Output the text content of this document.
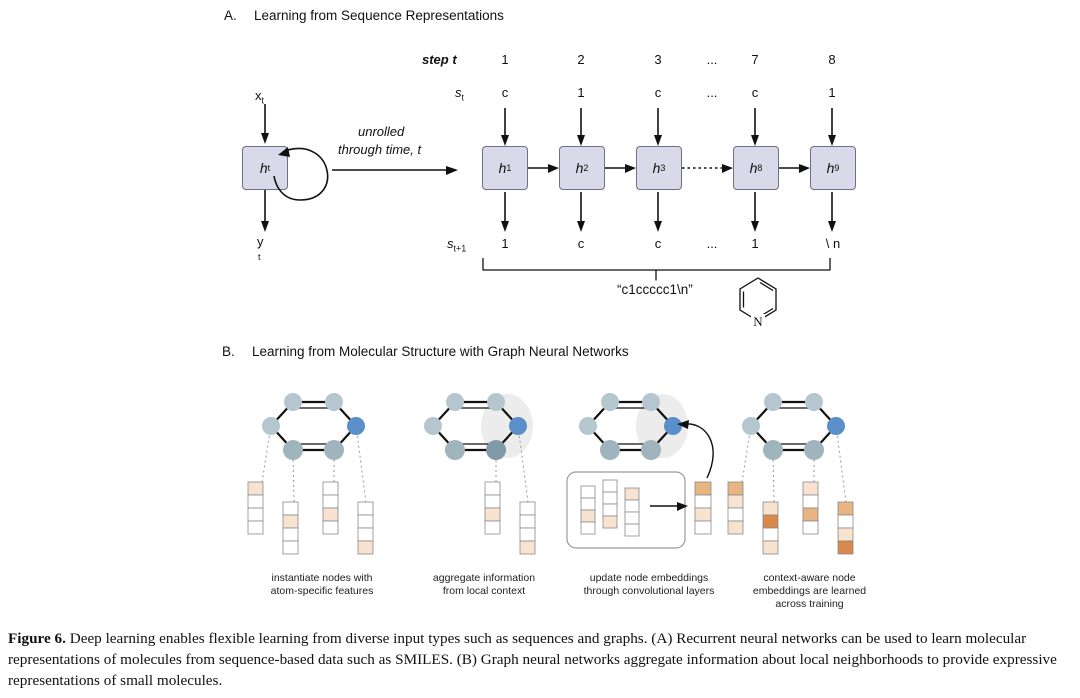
A. Learning from Sequence Representations
$x_t$
h t
y
t
unrolled
through time, t
step t
$s_t$
$s_{t+1}$
1	2	3	...	7	8
c	1	c	...	c	1
h 1	h 2	h 3	h 8	h 9
1	c	c	...	1	\ n
“c1ccccc1\n”
N
B. Learning from Molecular Structure with Graph Neural Networks
instantiate nodes with
atom-specific features
aggregate information
from local context
update node embeddings
through convolutional layers
context-aware node
embeddings are learned
across training
Figure 6. Deep learning enables flexible learning from diverse input types such as sequences and graphs. (A) Recurrent neural networks can be used to learn molecular representations of molecules from sequence-based data such as SMILES. (B) Graph neural networks aggregate information about local neighborhoods to provide expressive representations of small molecules.
